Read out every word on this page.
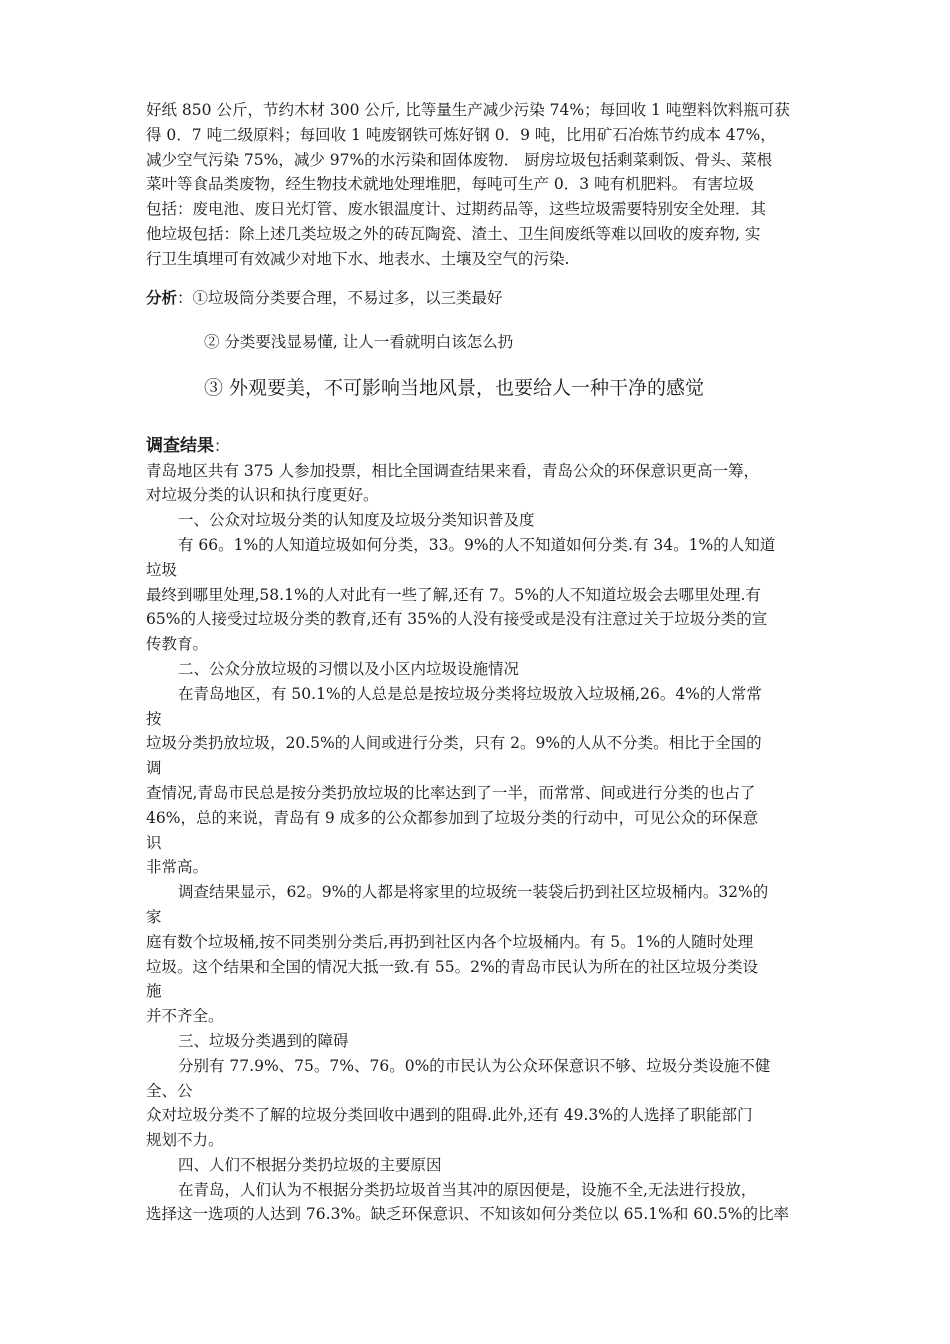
好纸 850 公斤，节约木材 300 公斤, 比等量生产减少污染 74%；每回收 1 吨塑料饮料瓶可获

得 0．7 吨二级原料；每回收 1 吨废钢铁可炼好钢 0．9 吨，比用矿石冶炼节约成本 47%，

减少空气污染 75%，减少 97%的水污染和固体废物． 厨房垃圾包括剩菜剩饭、骨头、菜根

菜叶等食品类废物，经生物技术就地处理堆肥，每吨可生产 0．3 吨有机肥料。 有害垃圾

包括：废电池、废日光灯管、废水银温度计、过期药品等，这些垃圾需要特别安全处理．其

他垃圾包括：除上述几类垃圾之外的砖瓦陶瓷、渣土、卫生间废纸等难以回收的废弃物, 实

行卫生填埋可有效减少对地下水、地表水、土壤及空气的污染.

分析：①垃圾筒分类要合理，不易过多，以三类最好

② 分类要浅显易懂, 让人一看就明白该怎么扔

③ 外观要美，不可影响当地风景，也要给人一种干净的感觉

调查结果：

青岛地区共有 375 人参加投票，相比全国调查结果来看，青岛公众的环保意识更高一筹，

对垃圾分类的认识和执行度更好。

一、公众对垃圾分类的认知度及垃圾分类知识普及度

有 66。1%的人知道垃圾如何分类，33。9%的人不知道如何分类.有 34。1%的人知道

垃圾

最终到哪里处理,58.1%的人对此有一些了解,还有 7。5%的人不知道垃圾会去哪里处理.有

65%的人接受过垃圾分类的教育,还有 35%的人没有接受或是没有注意过关于垃圾分类的宣

传教育。

二、公众分放垃圾的习惯以及小区内垃圾设施情况

在青岛地区，有 50.1%的人总是总是按垃圾分类将垃圾放入垃圾桶,26。4%的人常常

按

垃圾分类扔放垃圾，20.5%的人间或进行分类，只有 2。9%的人从不分类。相比于全国的

调

查情况,青岛市民总是按分类扔放垃圾的比率达到了一半，而常常、间或进行分类的也占了

46%，总的来说，青岛有 9 成多的公众都参加到了垃圾分类的行动中，可见公众的环保意

识

非常高。

调查结果显示，62。9%的人都是将家里的垃圾统一装袋后扔到社区垃圾桶内。32%的

家

庭有数个垃圾桶,按不同类别分类后,再扔到社区内各个垃圾桶内。有 5。1%的人随时处理

垃圾。这个结果和全国的情况大抵一致.有 55。2%的青岛市民认为所在的社区垃圾分类设

施

并不齐全。

三、垃圾分类遇到的障碍

分别有 77.9%、75。7%、76。0%的市民认为公众环保意识不够、垃圾分类设施不健

全、公

众对垃圾分类不了解的垃圾分类回收中遇到的阻碍.此外,还有 49.3%的人选择了职能部门

规划不力。

四、人们不根据分类扔垃圾的主要原因

在青岛，人们认为不根据分类扔垃圾首当其冲的原因便是，设施不全,无法进行投放，

选择这一选项的人达到 76.3%。缺乏环保意识、不知该如何分类位以 65.1%和 60.5%的比率
